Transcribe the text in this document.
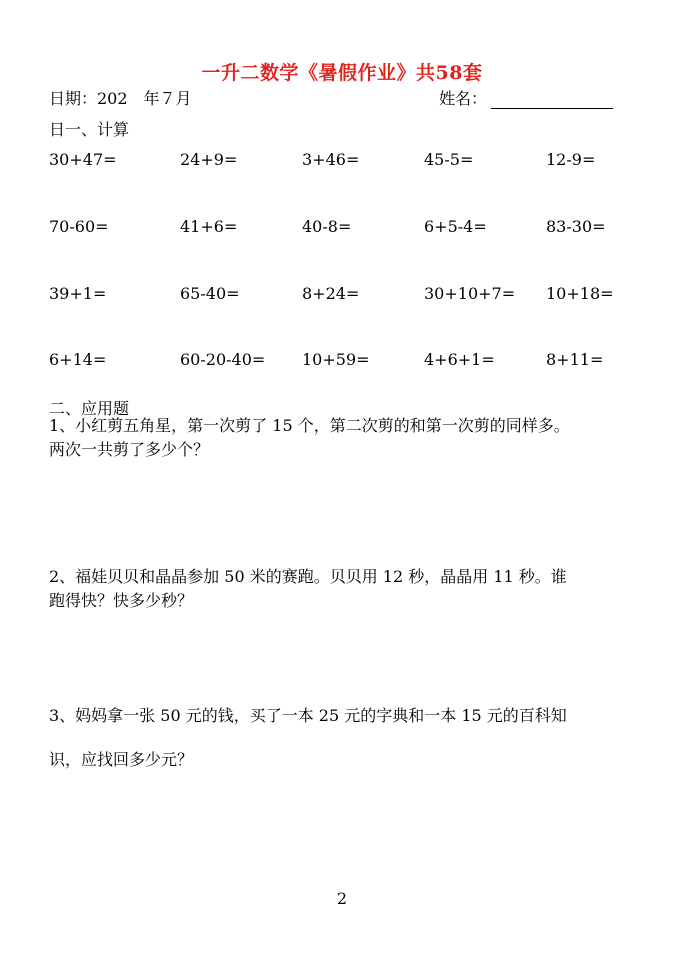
一升二数学《暑假作业》共58套
日期：202　年７月	姓名：
日一、计算
30+47=	24+9=	3+46=	45-5=	12-9=
70-60=	41+6=	40-8=	6+5-4=	83-30=
39+1=	65-40=	8+24=	30+10+7= 10+18=
6+14=	60-20-40= 10+59=	4+6+1=	8+11=
二、应用题
1、小红剪五角星，第一次剪了 15 个，第二次剪的和第一次剪的同样多。
两次一共剪了多少个？
2、福娃贝贝和晶晶参加 50 米的赛跑。贝贝用 12 秒，晶晶用 11 秒。谁
跑得快？快多少秒？
3、妈妈拿一张 50 元的钱，买了一本 25 元的字典和一本 15 元的百科知
识，应找回多少元？
2
